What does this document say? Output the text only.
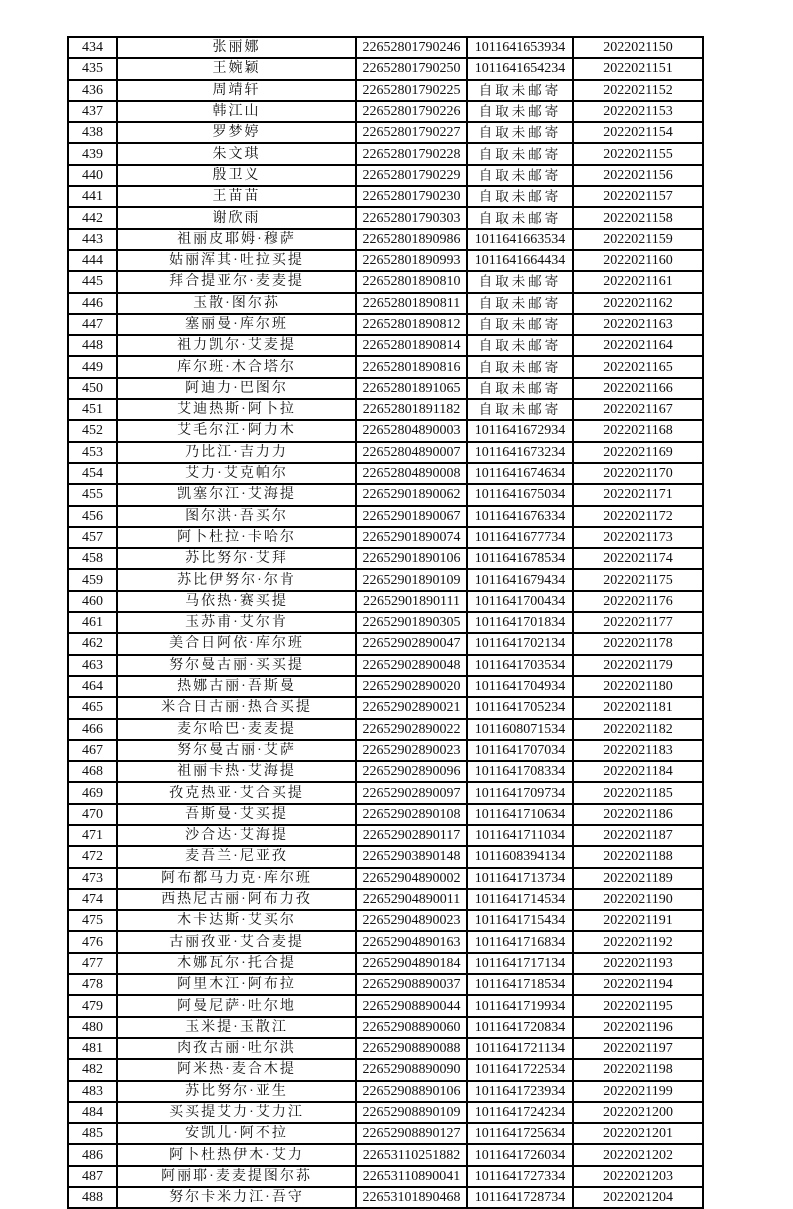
434	张丽娜	22652801790246	1011641653934	2022021150
435	王婉颖	22652801790250	1011641654234	2022021151
436	周靖轩	22652801790225	自取未邮寄	2022021152
437	韩江山	22652801790226	自取未邮寄	2022021153
438	罗梦婷	22652801790227	自取未邮寄	2022021154
439	朱文琪	22652801790228	自取未邮寄	2022021155
440	殷卫义	22652801790229	自取未邮寄	2022021156
441	王苗苗	22652801790230	自取未邮寄	2022021157
442	谢欣雨	22652801790303	自取未邮寄	2022021158
443	祖丽皮耶姆·穆萨	22652801890986	1011641663534	2022021159
444	姑丽浑其·吐拉买提	22652801890993	1011641664434	2022021160
445	拜合提亚尔·麦麦提	22652801890810	自取未邮寄	2022021161
446	玉散·图尔荪	22652801890811	自取未邮寄	2022021162
447	塞丽曼·库尔班	22652801890812	自取未邮寄	2022021163
448	祖力凯尔·艾麦提	22652801890814	自取未邮寄	2022021164
449	库尔班·木合塔尔	22652801890816	自取未邮寄	2022021165
450	阿迪力·巴图尔	22652801891065	自取未邮寄	2022021166
451	艾迪热斯·阿卜拉	22652801891182	自取未邮寄	2022021167
452	艾毛尔江·阿力木	22652804890003	1011641672934	2022021168
453	乃比江·吉力力	22652804890007	1011641673234	2022021169
454	艾力·艾克帕尔	22652804890008	1011641674634	2022021170
455	凯塞尔江·艾海提	22652901890062	1011641675034	2022021171
456	图尔洪·吾买尔	22652901890067	1011641676334	2022021172
457	阿卜杜拉·卡哈尔	22652901890074	1011641677734	2022021173
458	苏比努尔·艾拜	22652901890106	1011641678534	2022021174
459	苏比伊努尔·尔肯	22652901890109	1011641679434	2022021175
460	马依热·赛买提	22652901890111	1011641700434	2022021176
461	玉苏甫·艾尔肯	22652901890305	1011641701834	2022021177
462	美合日阿依·库尔班	22652902890047	1011641702134	2022021178
463	努尔曼古丽·买买提	22652902890048	1011641703534	2022021179
464	热娜古丽·吾斯曼	22652902890020	1011641704934	2022021180
465	米合日古丽·热合买提	22652902890021	1011641705234	2022021181
466	麦尔哈巴·麦麦提	22652902890022	1011608071534	2022021182
467	努尔曼古丽·艾萨	22652902890023	1011641707034	2022021183
468	祖丽卡热·艾海提	22652902890096	1011641708334	2022021184
469	孜克热亚·艾合买提	22652902890097	1011641709734	2022021185
470	吾斯曼·艾买提	22652902890108	1011641710634	2022021186
471	沙合达·艾海提	22652902890117	1011641711034	2022021187
472	麦吾兰·尼亚孜	22652903890148	1011608394134	2022021188
473	阿布都马力克·库尔班	22652904890002	1011641713734	2022021189
474	西热尼古丽·阿布力孜	22652904890011	1011641714534	2022021190
475	木卡达斯·艾买尔	22652904890023	1011641715434	2022021191
476	古丽孜亚·艾合麦提	22652904890163	1011641716834	2022021192
477	木娜瓦尔·托合提	22652904890184	1011641717134	2022021193
478	阿里木江·阿布拉	22652908890037	1011641718534	2022021194
479	阿曼尼萨·吐尔地	22652908890044	1011641719934	2022021195
480	玉米提·玉散江	22652908890060	1011641720834	2022021196
481	肉孜古丽·吐尔洪	22652908890088	1011641721134	2022021197
482	阿米热·麦合木提	22652908890090	1011641722534	2022021198
483	苏比努尔·亚生	22652908890106	1011641723934	2022021199
484	买买提艾力·艾力江	22652908890109	1011641724234	2022021200
485	安凯儿·阿不拉	22652908890127	1011641725634	2022021201
486	阿卜杜热伊木·艾力	22653110251882	1011641726034	2022021202
487	阿丽耶·麦麦提图尔荪	22653110890041	1011641727334	2022021203
488	努尔卡米力江·吾守	22653101890468	1011641728734	2022021204
